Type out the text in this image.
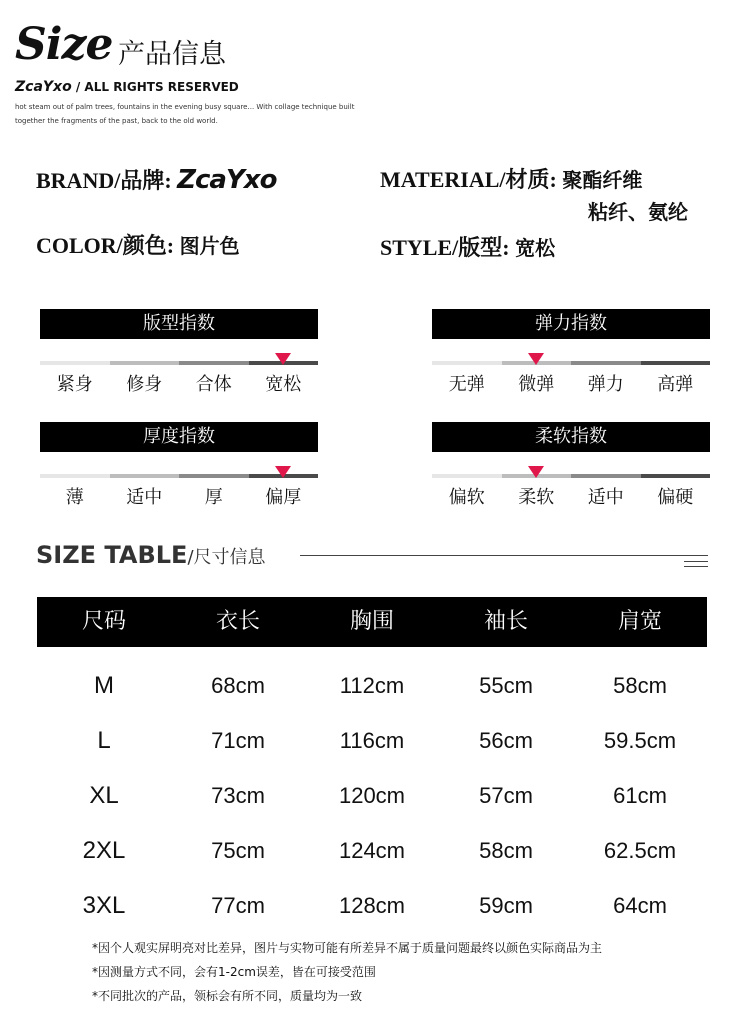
Size 产品信息
ZcaYxo / ALL RIGHTS RESERVED
hot steam out of palm trees, fountains in the evening busy square... With collage technique built
together the fragments of the past, back to the old world.
BRAND/品牌: ZcaYxo	MATERIAL/材质: 聚酯纤维
粘纤、氨纶
COLOR/颜色: 图片色	STYLE/版型: 宽松
版型指数
紧身	修身	合体	宽松
弹力指数
无弹	微弹	弹力	高弹
厚度指数
薄	适中	厚	偏厚
柔软指数
偏软	柔软	适中	偏硬
SIZE TABLE/尺寸信息
尺码	衣长	胸围	袖长	肩宽
M	68cm	112cm	55cm	58cm
L	71cm	116cm	56cm	59.5cm
XL	73cm	120cm	57cm	61cm
2XL	75cm	124cm	58cm	62.5cm
3XL	77cm	128cm	59cm	64cm
*因个人观实屏明亮对比差异，图片与实物可能有所差异不属于质量问题最终以颜色实际商品为主
*因测量方式不同，会有1-2cm误差，皆在可接受范围
*不同批次的产品，领标会有所不同，质量均为一致
